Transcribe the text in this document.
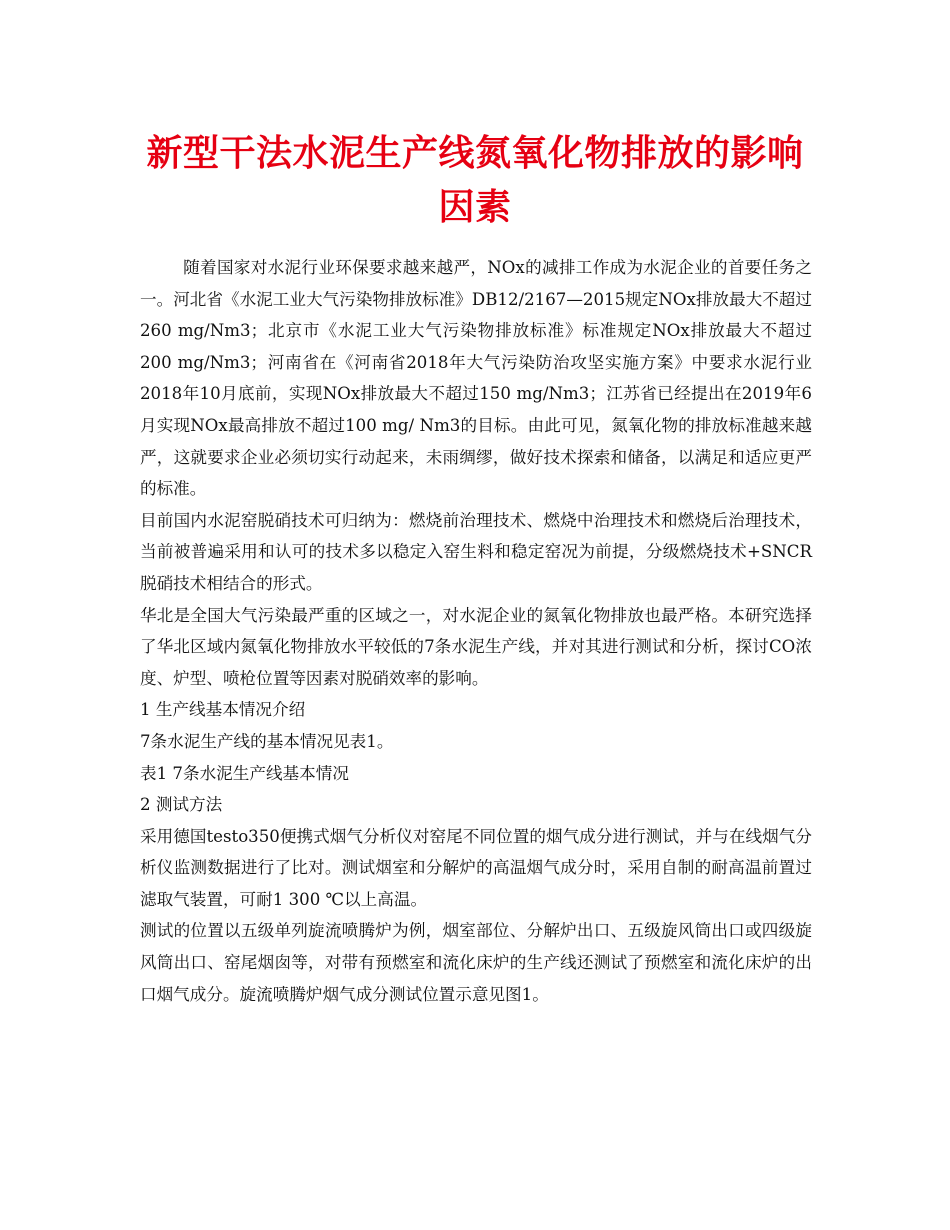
新型干法水泥生产线氮氧化物排放的影响因素

随着国家对水泥行业环保要求越来越严，NOx的减排工作成为水泥企业的首要任务之一。河北省《水泥工业大气污染物排放标准》DB12/2167—2015规定NOx排放最大不超过260 mg/Nm3；北京市《水泥工业大气污染物排放标准》标准规定NOx排放最大不超过200 mg/Nm3；河南省在《河南省2018年大气污染防治攻坚实施方案》中要求水泥行业2018年10月底前，实现NOx排放最大不超过150 mg/Nm3；江苏省已经提出在2019年6月实现NOx最高排放不超过100 mg/ Nm3的目标。由此可见，氮氧化物的排放标准越来越严，这就要求企业必须切实行动起来，未雨绸缪，做好技术探索和储备，以满足和适应更严的标准。

目前国内水泥窑脱硝技术可归纳为：燃烧前治理技术、燃烧中治理技术和燃烧后治理技术，当前被普遍采用和认可的技术多以稳定入窑生料和稳定窑况为前提，分级燃烧技术+SNCR脱硝技术相结合的形式。

华北是全国大气污染最严重的区域之一，对水泥企业的氮氧化物排放也最严格。本研究选择了华北区域内氮氧化物排放水平较低的7条水泥生产线，并对其进行测试和分析，探讨CO浓度、炉型、喷枪位置等因素对脱硝效率的影响。

1 生产线基本情况介绍

7条水泥生产线的基本情况见表1。

表1 7条水泥生产线基本情况

2 测试方法

采用德国testo350便携式烟气分析仪对窑尾不同位置的烟气成分进行测试，并与在线烟气分析仪监测数据进行了比对。测试烟室和分解炉的高温烟气成分时，采用自制的耐高温前置过滤取气装置，可耐1 300 ℃以上高温。

测试的位置以五级单列旋流喷腾炉为例，烟室部位、分解炉出口、五级旋风筒出口或四级旋风筒出口、窑尾烟囱等，对带有预燃室和流化床炉的生产线还测试了预燃室和流化床炉的出口烟气成分。旋流喷腾炉烟气成分测试位置示意见图1。
